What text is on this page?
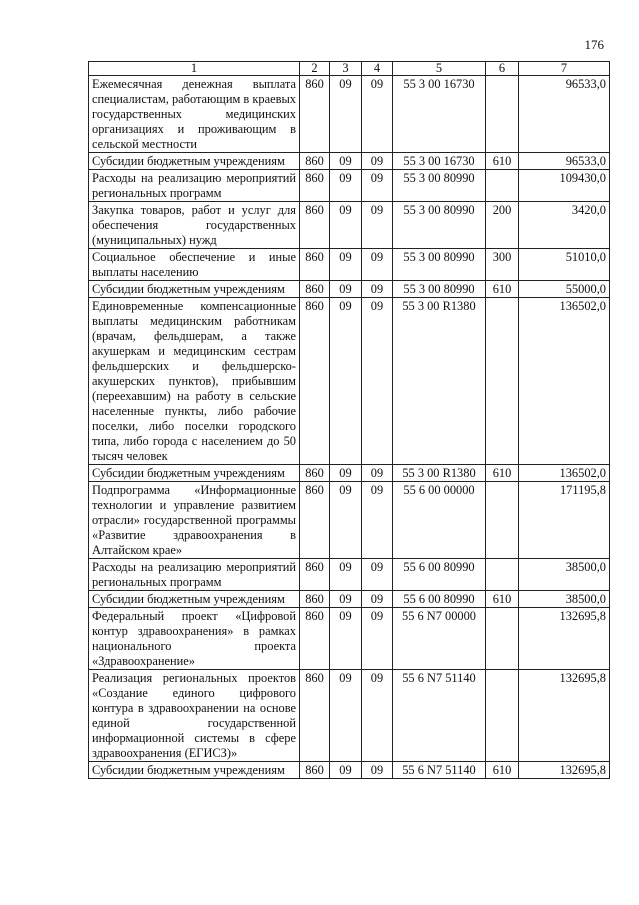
176
1	2	3	4	5	6	7
Ежемесячная денежная выплата специалистам, работающим в краевых государственных медицинских организациях и проживающим в сельской местности	860	09	09	55 3 00 16730		96533,0
Субсидии бюджетным учреждениям	860	09	09	55 3 00 16730	610	96533,0
Расходы на реализацию мероприятий региональных программ	860	09	09	55 3 00 80990		109430,0
Закупка товаров, работ и услуг для обеспечения государственных (муниципальных) нужд	860	09	09	55 3 00 80990	200	3420,0
Социальное обеспечение и иные выплаты населению	860	09	09	55 3 00 80990	300	51010,0
Субсидии бюджетным учреждениям	860	09	09	55 3 00 80990	610	55000,0
Единовременные компенсационные выплаты медицинским работникам (врачам, фельдшерам, а также акушеркам и медицинским сестрам фельдшерских и фельдшерско-акушерских пунктов), прибывшим (переехавшим) на работу в сельские населенные пункты, либо рабочие поселки, либо поселки городского типа, либо города с населением до 50 тысяч человек	860	09	09	55 3 00 R1380		136502,0
Субсидии бюджетным учреждениям	860	09	09	55 3 00 R1380	610	136502,0
Подпрограмма «Информационные технологии и управление развитием отрасли» государственной программы «Развитие здравоохранения в Алтайском крае»	860	09	09	55 6 00 00000		171195,8
Расходы на реализацию мероприятий региональных программ	860	09	09	55 6 00 80990		38500,0
Субсидии бюджетным учреждениям	860	09	09	55 6 00 80990	610	38500,0
Федеральный проект «Цифровой контур здравоохранения» в рамках национального проекта «Здравоохранение»	860	09	09	55 6 N7 00000		132695,8
Реализация региональных проектов «Создание единого цифрового контура в здравоохранении на основе единой государственной информационной системы в сфере здравоохранения (ЕГИСЗ)»	860	09	09	55 6 N7 51140		132695,8
Субсидии бюджетным учреждениям	860	09	09	55 6 N7 51140	610	132695,8
